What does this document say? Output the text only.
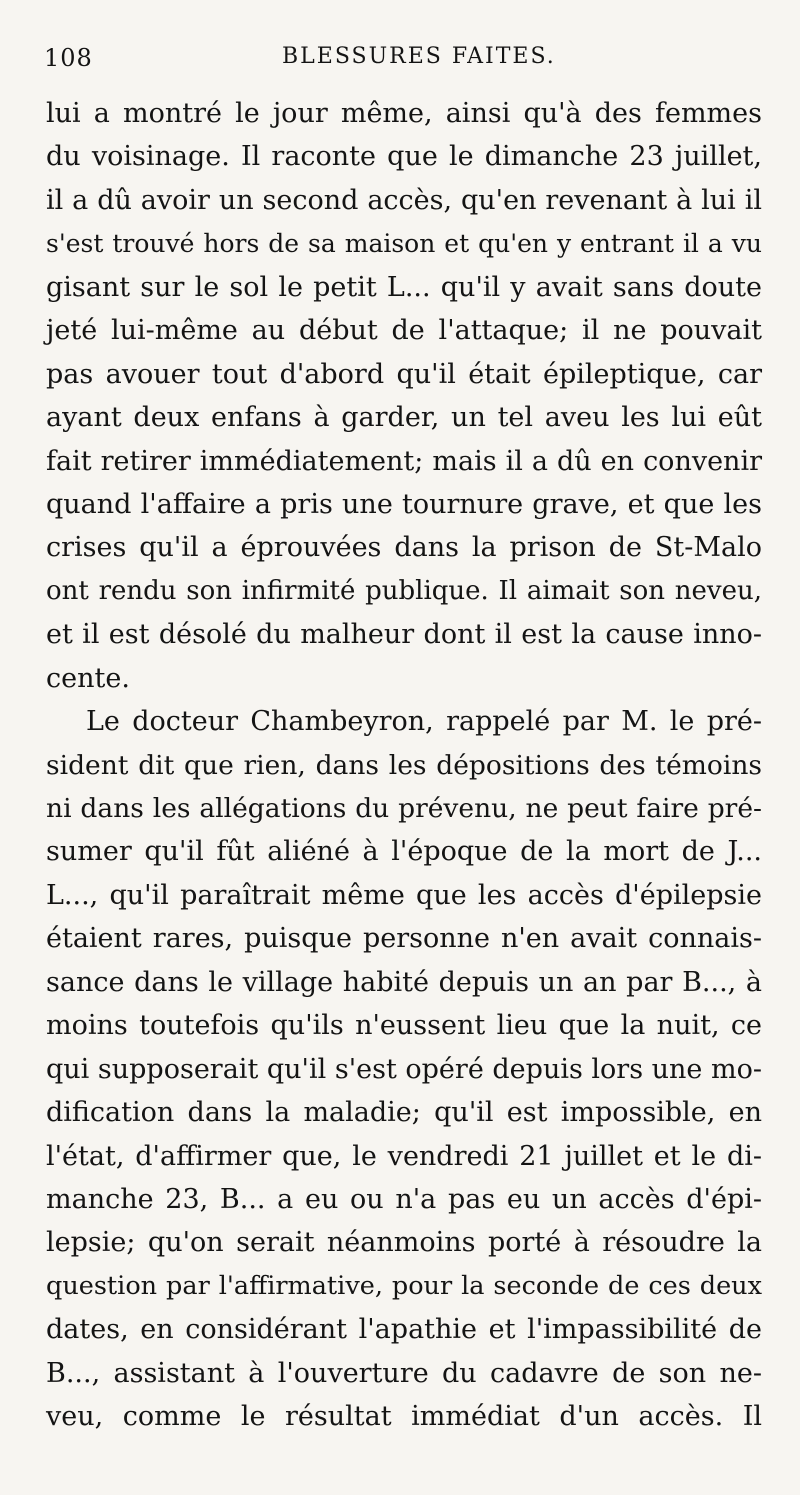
108	BLESSURES FAITES.
lui a montré le jour même, ainsi qu'à des femmes
du voisinage. Il raconte que le dimanche 23 juillet,
il a dû avoir un second accès, qu'en revenant à lui il
s'est trouvé hors de sa maison et qu'en y entrant il a vu
gisant sur le sol le petit L... qu'il y avait sans doute
jeté lui-même au début de l'attaque; il ne pouvait
pas avouer tout d'abord qu'il était épileptique, car
ayant deux enfans à garder, un tel aveu les lui eût
fait retirer immédiatement; mais il a dû en convenir
quand l'affaire a pris une tournure grave, et que les
crises qu'il a éprouvées dans la prison de St-Malo
ont rendu son infirmité publique. Il aimait son neveu,
et il est désolé du malheur dont il est la cause inno-
cente.
Le docteur Chambeyron, rappelé par M. le pré-
sident dit que rien, dans les dépositions des témoins
ni dans les allégations du prévenu, ne peut faire pré-
sumer qu'il fût aliéné à l'époque de la mort de J...
L..., qu'il paraîtrait même que les accès d'épilepsie
étaient rares, puisque personne n'en avait connais-
sance dans le village habité depuis un an par B..., à
moins toutefois qu'ils n'eussent lieu que la nuit, ce
qui supposerait qu'il s'est opéré depuis lors une mo-
dification dans la maladie; qu'il est impossible, en
l'état, d'affirmer que, le vendredi 21 juillet et le di-
manche 23, B... a eu ou n'a pas eu un accès d'épi-
lepsie; qu'on serait néanmoins porté à résoudre la
question par l'affirmative, pour la seconde de ces deux
dates, en considérant l'apathie et l'impassibilité de
B..., assistant à l'ouverture du cadavre de son ne-
veu, comme le résultat immédiat d'un accès. Il
